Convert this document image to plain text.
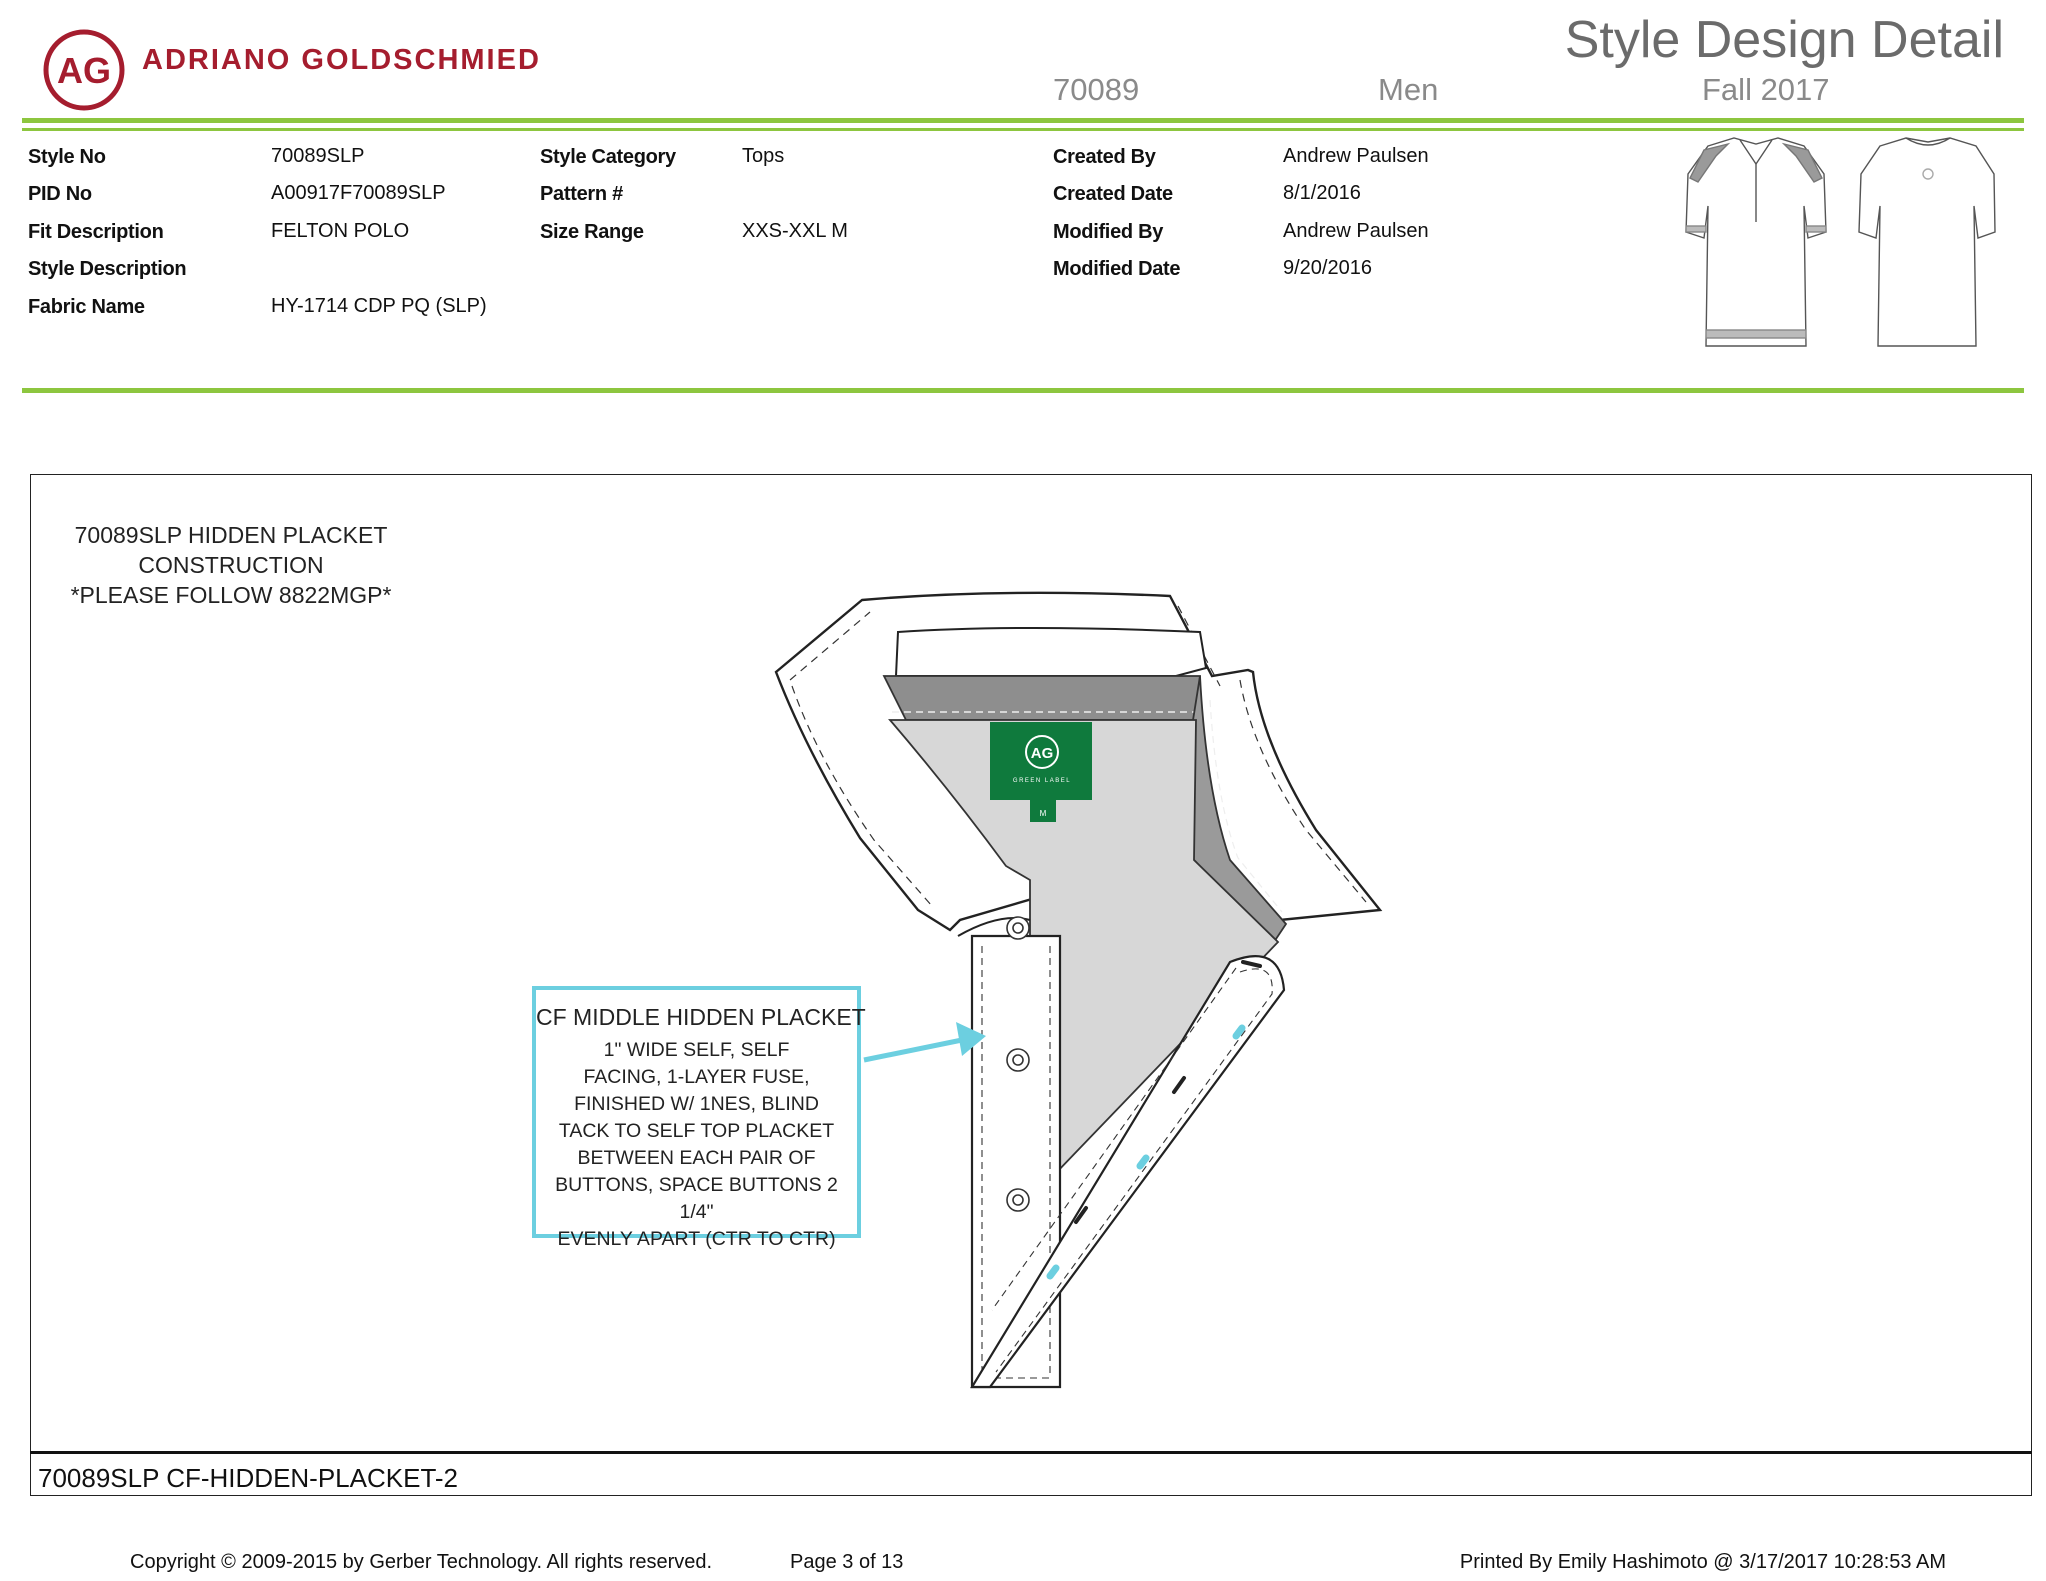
AG ADRIANO GOLDSCHMIED	Style Design Detail
70089	Men	Fall 2017
Style No	70089SLP
PID No	A00917F70089SLP
Fit Description	FELTON POLO
Style Description
Fabric Name	HY-1714 CDP PQ (SLP)
Style Category	Tops
Pattern #
Size Range	XXS-XXL M
Created By	Andrew Paulsen
Created Date	8/1/2016
Modified By	Andrew Paulsen
Modified Date	9/20/2016
70089SLP HIDDEN PLACKET
CONSTRUCTION
*PLEASE FOLLOW 8822MGP*
AG
GREEN LABEL
M
CF MIDDLE HIDDEN PLACKET
1" WIDE SELF, SELF
FACING, 1-LAYER FUSE,
FINISHED W/ 1NES, BLIND
TACK TO SELF TOP PLACKET
BETWEEN EACH PAIR OF
BUTTONS, SPACE BUTTONS 2 1/4"
EVENLY APART (CTR TO CTR)
70089SLP CF-HIDDEN-PLACKET-2
Copyright © 2009-2015 by Gerber Technology. All rights reserved.	Page 3 of 13	Printed By Emily Hashimoto @ 3/17/2017 10:28:53 AM
